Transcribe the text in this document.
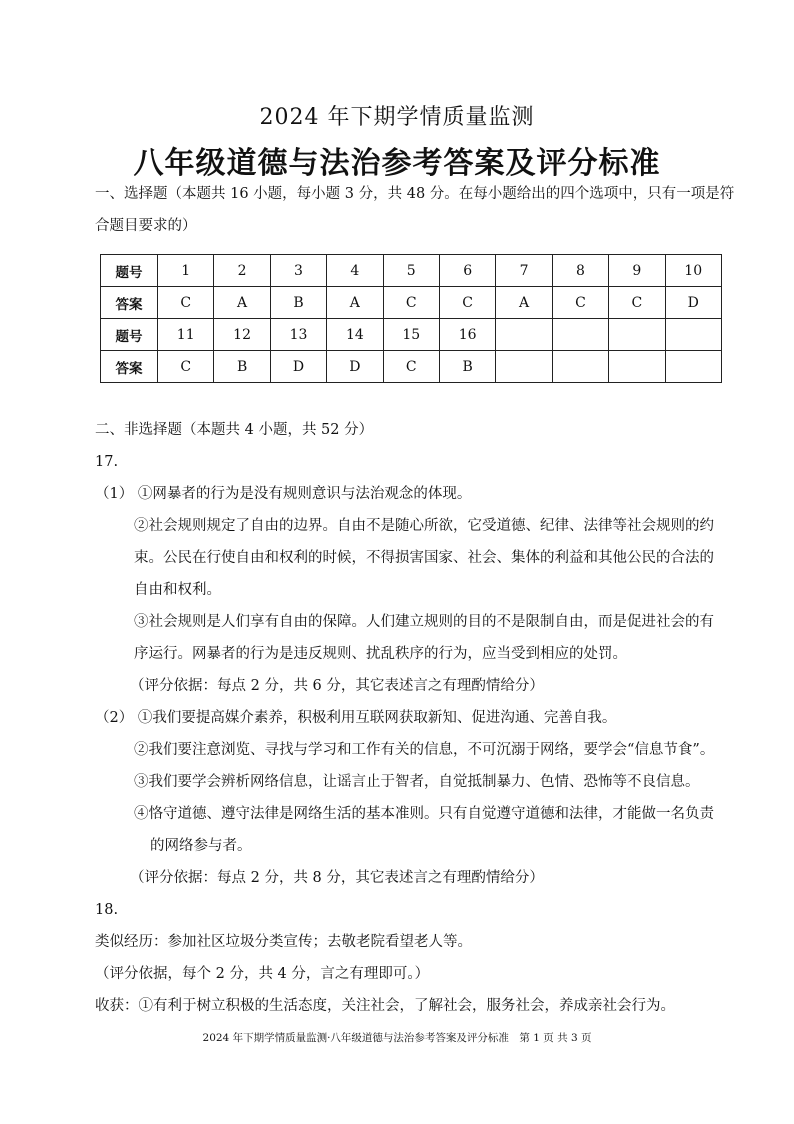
2024 年下期学情质量监测
八年级道德与法治参考答案及评分标准
一、选择题（本题共 16 小题，每小题 3 分，共 48 分。在每小题给出的四个选项中，只有一项是符
合题目要求的）
题号	1	2	3	4	5	6	7	8	9	10
答案	C	A	B	A	C	C	A	C	C	D
题号	11	12	13	14	15	16				
答案	C	B	D	D	C	B				
二、非选择题（本题共 4 小题，共 52 分）
17.
（1） ①网暴者的行为是没有规则意识与法治观念的体现。
②社会规则规定了自由的边界。自由不是随心所欲，它受道德、纪律、法律等社会规则的约
束。公民在行使自由和权利的时候，不得损害国家、社会、集体的利益和其他公民的合法的
自由和权利。
③社会规则是人们享有自由的保障。人们建立规则的目的不是限制自由，而是促进社会的有
序运行。网暴者的行为是违反规则、扰乱秩序的行为，应当受到相应的处罚。
（评分依据：每点 2 分，共 6 分，其它表述言之有理酌情给分）
（2） ①我们要提高媒介素养，积极利用互联网获取新知、促进沟通、完善自我。
②我们要注意浏览、寻找与学习和工作有关的信息，不可沉溺于网络，要学会“信息节食”。
③我们要学会辨析网络信息，让谣言止于智者，自觉抵制暴力、色情、恐怖等不良信息。
④恪守道德、遵守法律是网络生活的基本准则。只有自觉遵守道德和法律，才能做一名负责
的网络参与者。
（评分依据：每点 2 分，共 8 分，其它表述言之有理酌情给分）
18.
类似经历：参加社区垃圾分类宣传；去敬老院看望老人等。
（评分依据，每个 2 分，共 4 分，言之有理即可。）
收获：①有利于树立积极的生活态度，关注社会，了解社会，服务社会，养成亲社会行为。
2024 年下期学情质量监测·八年级道德与法治参考答案及评分标准　第 1 页 共 3 页
